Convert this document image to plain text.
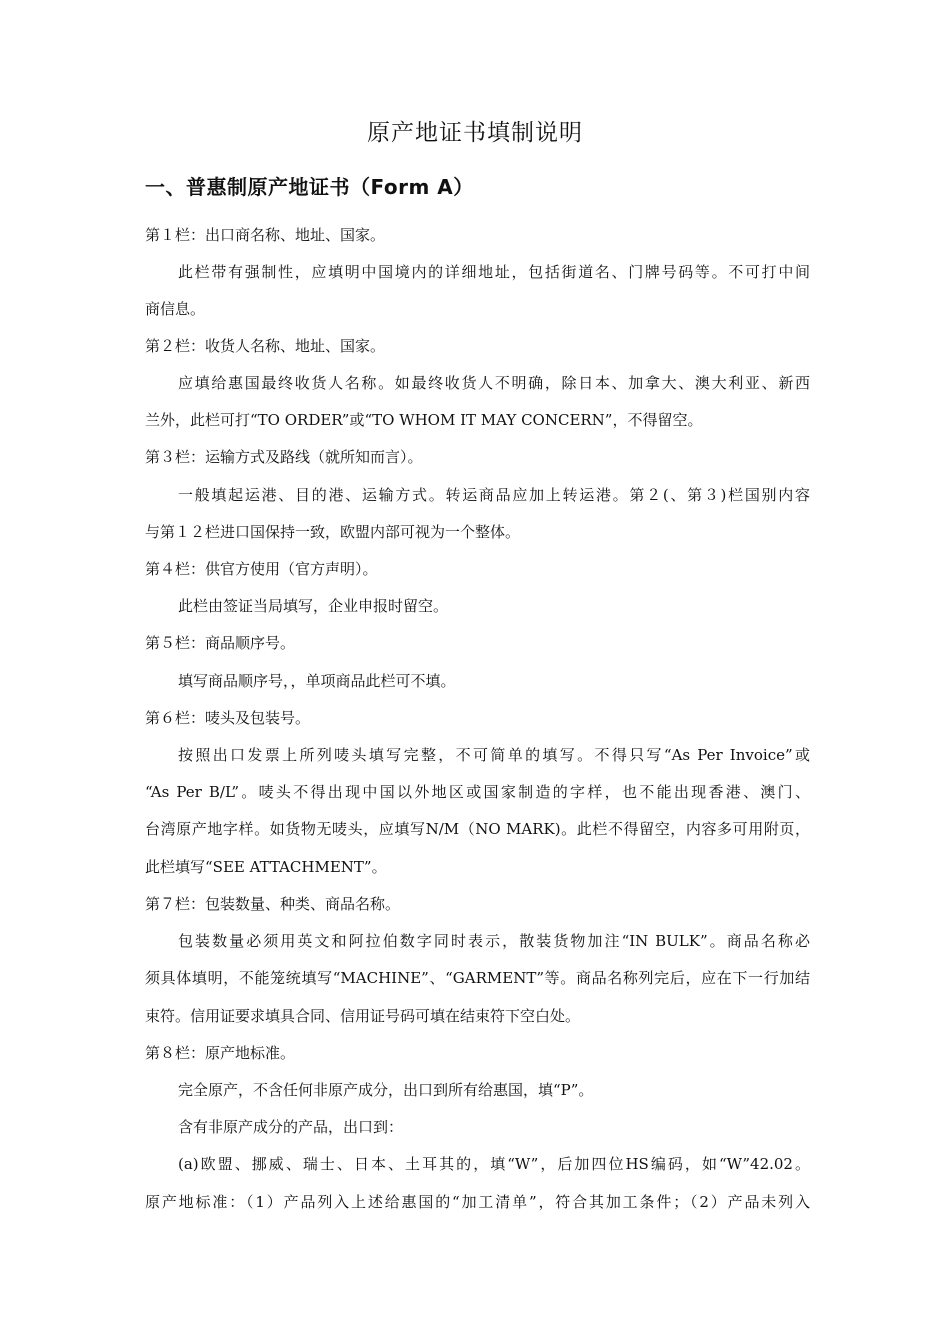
原产地证书填制说明
一、普惠制原产地证书（Form A）
第１栏：出口商名称、地址、国家。
此栏带有强制性，应填明中国境内的详细地址，包括街道名、门牌号码等。不可打中间
商信息。
第２栏：收货人名称、地址、国家。
应填给惠国最终收货人名称。如最终收货人不明确，除日本、加拿大、澳大利亚、新西
兰外，此栏可打“TO ORDER”或“TO WHOM IT MAY CONCERN”，不得留空。
第３栏：运输方式及路线（就所知而言）。
一般填起运港、目的港、运输方式。转运商品应加上转运港。第２(、第３)栏国别内容
与第１２栏进口国保持一致，欧盟内部可视为一个整体。
第４栏：供官方使用（官方声明）。
此栏由签证当局填写，企业申报时留空。
第５栏：商品顺序号。
填写商品顺序号，，单项商品此栏可不填。
第６栏：唛头及包装号。
按照出口发票上所列唛头填写完整，不可简单的填写。不得只写“As Per Invoice”或
“As Per B/L”。唛头不得出现中国以外地区或国家制造的字样，也不能出现香港、澳门、
台湾原产地字样。如货物无唛头，应填写N/M（NO MARK)。此栏不得留空，内容多可用附页，
此栏填写“SEE ATTACHMENT”。
第７栏：包装数量、种类、商品名称。
包装数量必须用英文和阿拉伯数字同时表示，散装货物加注“IN BULK”。商品名称必
须具体填明，不能笼统填写“MACHINE”、“GARMENT”等。商品名称列完后，应在下一行加结
束符。信用证要求填具合同、信用证号码可填在结束符下空白处。
第８栏：原产地标准。
完全原产，不含任何非原产成分，出口到所有给惠国，填“P”。
含有非原产成分的产品，出口到：
(a)欧盟、挪威、瑞士、日本、土耳其的，填“W”，后加四位HS编码，如“W”42.02。
原产地标准：（1）产品列入上述给惠国的“加工清单”，符合其加工条件；（2）产品未列入
